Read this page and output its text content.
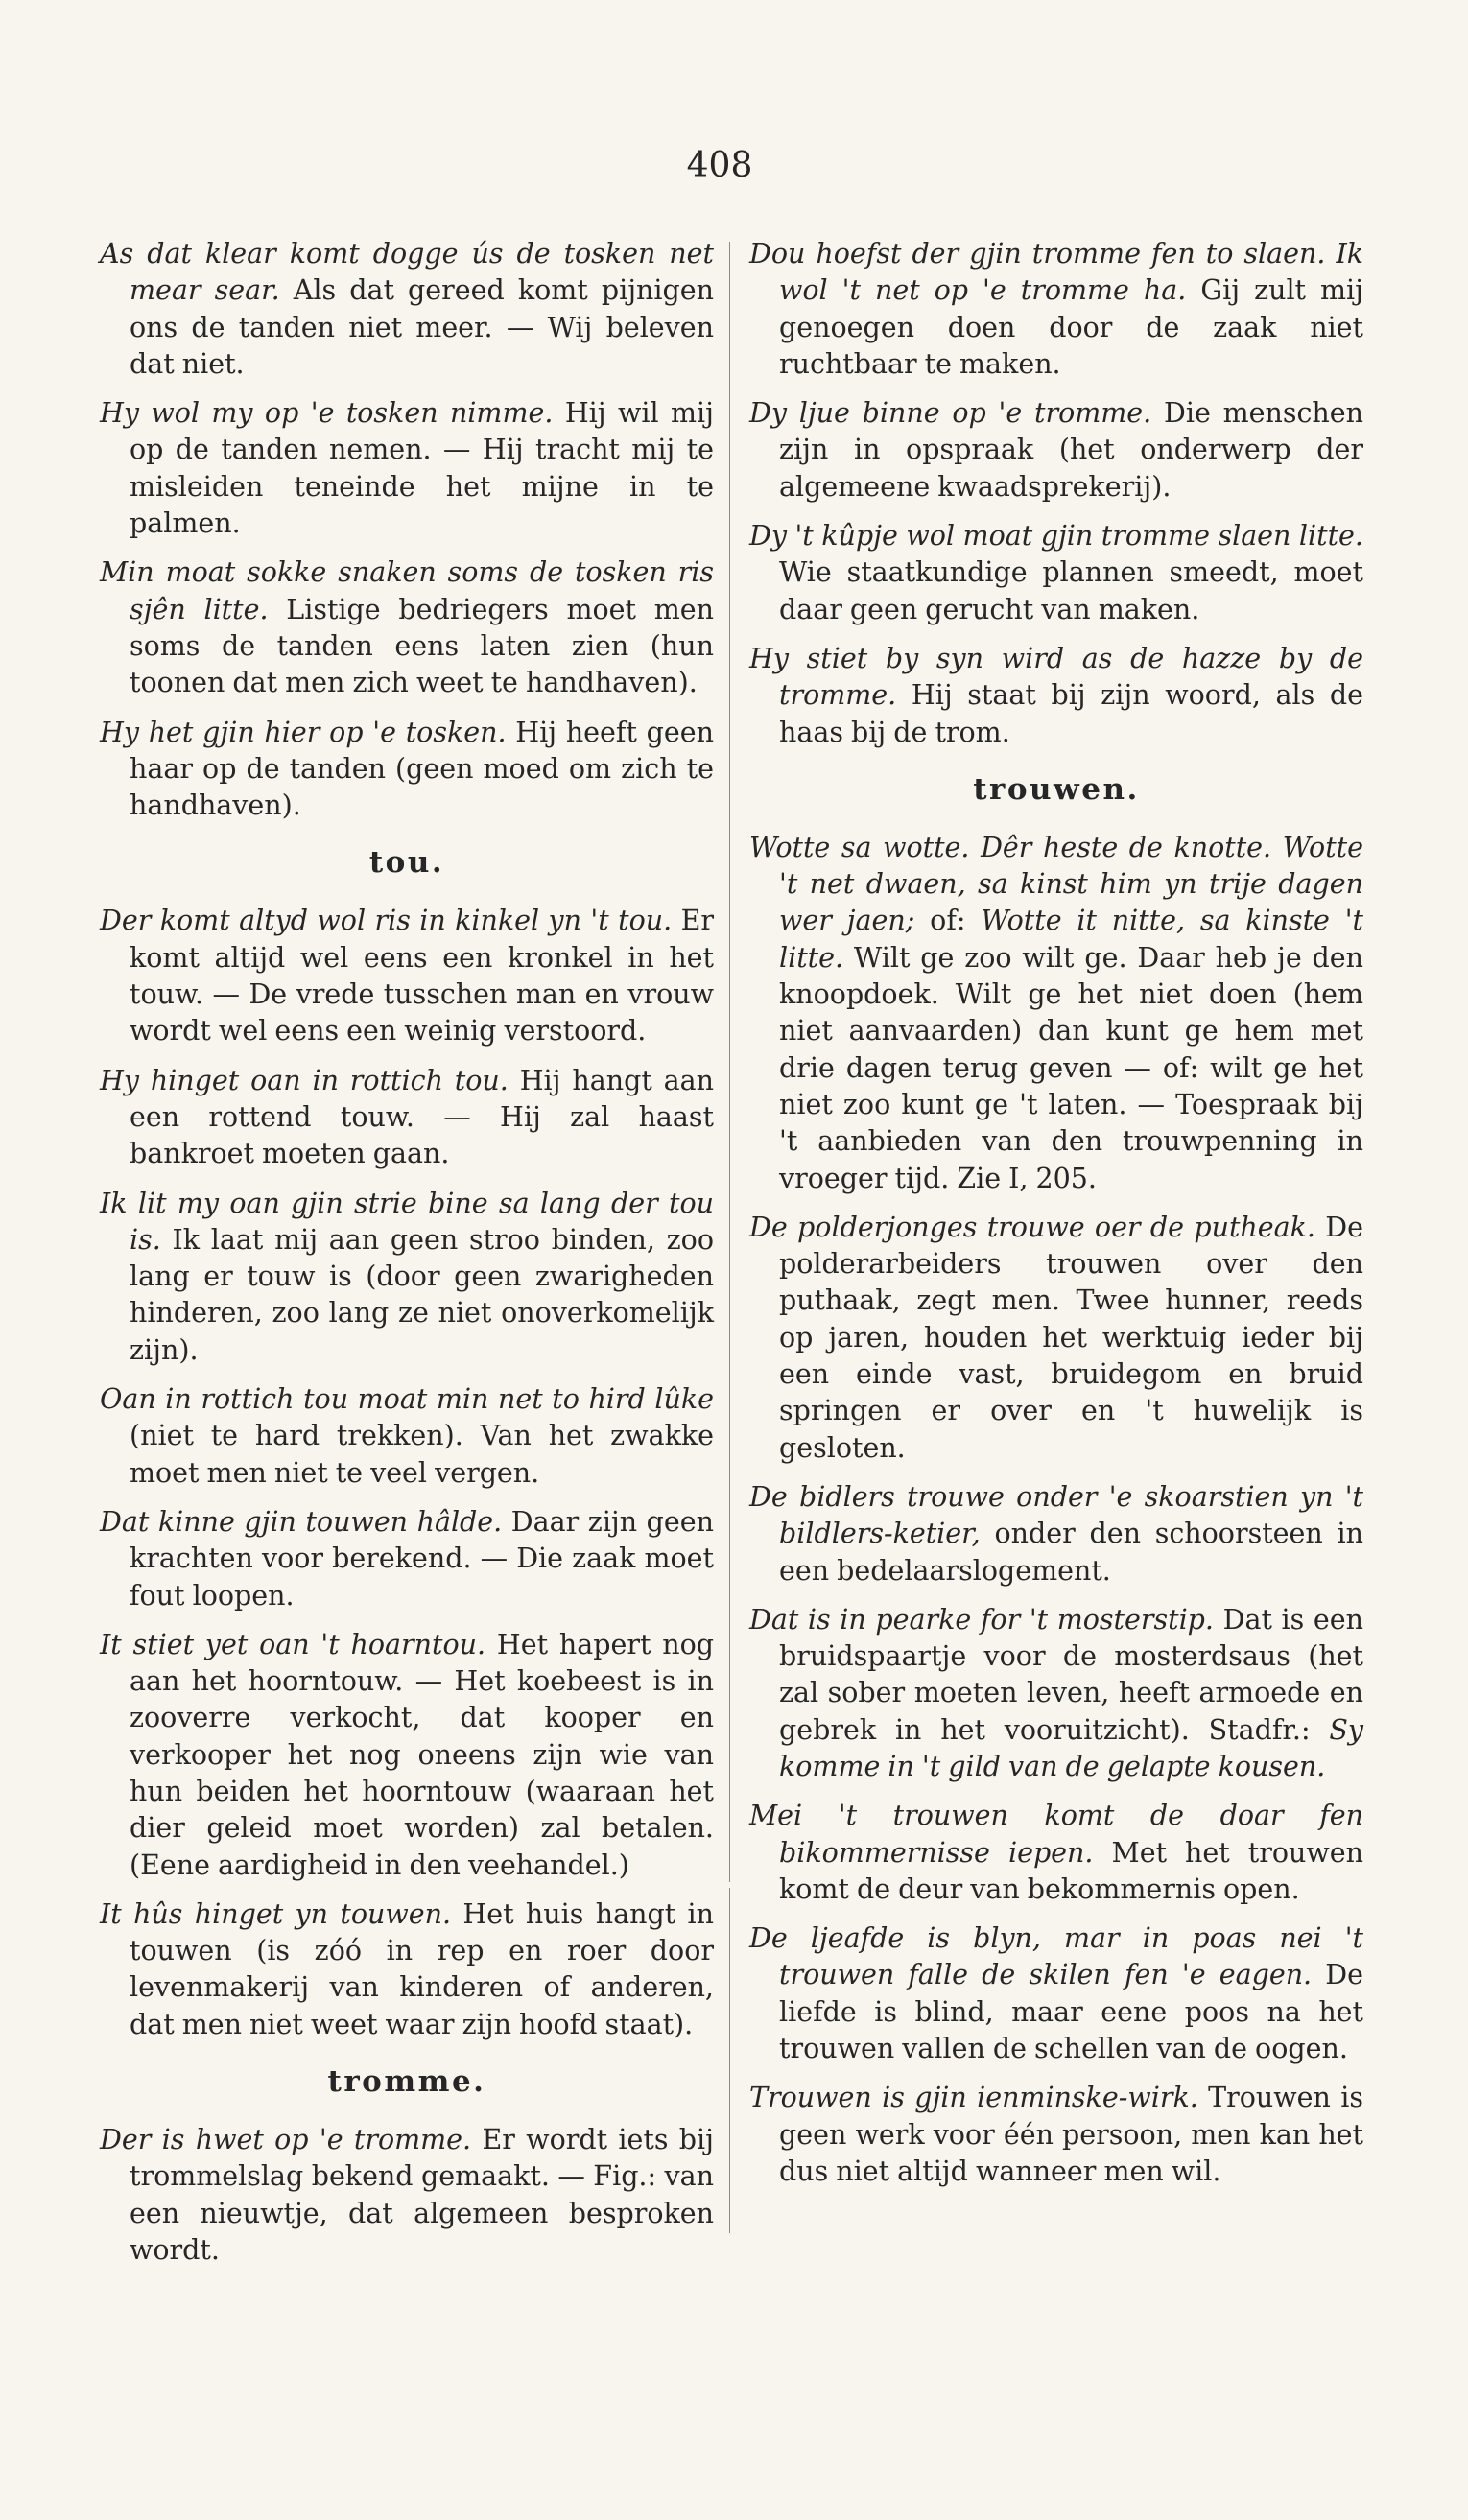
408

As dat klear komt dogge ús de tosken net mear sear. Als dat gereed komt pijnigen ons de tanden niet meer. — Wij beleven dat niet.

Hy wol my op 'e tosken nimme. Hij wil mij op de tanden nemen. — Hij tracht mij te misleiden teneinde het mijne in te palmen.

Min moat sokke snaken soms de tosken ris sjên litte. Listige bedriegers moet men soms de tanden eens laten zien (hun toonen dat men zich weet te handhaven).

Hy het gjin hier op 'e tosken. Hij heeft geen haar op de tanden (geen moed om zich te handhaven).

tou.

Der komt altyd wol ris in kinkel yn 't tou. Er komt altijd wel eens een kronkel in het touw. — De vrede tusschen man en vrouw wordt wel eens een weinig verstoord.

Hy hinget oan in rottich tou. Hij hangt aan een rottend touw. — Hij zal haast bankroet moeten gaan.

Ik lit my oan gjin strie bine sa lang der tou is. Ik laat mij aan geen stroo binden, zoo lang er touw is (door geen zwarigheden hinderen, zoo lang ze niet onoverkomelijk zijn).

Oan in rottich tou moat min net to hird lûke (niet te hard trekken). Van het zwakke moet men niet te veel vergen.

Dat kinne gjin touwen hâlde. Daar zijn geen krachten voor berekend. — Die zaak moet fout loopen.

It stiet yet oan 't hoarntou. Het hapert nog aan het hoorntouw. — Het koebeest is in zooverre verkocht, dat kooper en verkooper het nog oneens zijn wie van hun beiden het hoorntouw (waaraan het dier geleid moet worden) zal betalen. (Eene aardigheid in den veehandel.)

It hûs hinget yn touwen. Het huis hangt in touwen (is zóó in rep en roer door levenmakerij van kinderen of anderen, dat men niet weet waar zijn hoofd staat).

tromme.

Der is hwet op 'e tromme. Er wordt iets bij trommelslag bekend gemaakt. — Fig.: van een nieuwtje, dat algemeen besproken wordt.

Dou hoefst der gjin tromme fen to slaen. Ik wol 't net op 'e tromme ha. Gij zult mij genoegen doen door de zaak niet ruchtbaar te maken.

Dy ljue binne op 'e tromme. Die menschen zijn in opspraak (het onderwerp der algemeene kwaadsprekerij).

Dy 't kûpje wol moat gjin tromme slaen litte. Wie staatkundige plannen smeedt, moet daar geen gerucht van maken.

Hy stiet by syn wird as de hazze by de tromme. Hij staat bij zijn woord, als de haas bij de trom.

trouwen.

Wotte sa wotte. Dêr heste de knotte. Wotte 't net dwaen, sa kinst him yn trije dagen wer jaen; of: Wotte it nitte, sa kinste 't litte. Wilt ge zoo wilt ge. Daar heb je den knoopdoek. Wilt ge het niet doen (hem niet aanvaarden) dan kunt ge hem met drie dagen terug geven — of: wilt ge het niet zoo kunt ge 't laten. — Toespraak bij 't aanbieden van den trouwpenning in vroeger tijd. Zie I, 205.

De polderjonges trouwe oer de putheak. De polderarbeiders trouwen over den puthaak, zegt men. Twee hunner, reeds op jaren, houden het werktuig ieder bij een einde vast, bruidegom en bruid springen er over en 't huwelijk is gesloten.

De bidlers trouwe onder 'e skoarstien yn 't bildlers-ketier, onder den schoorsteen in een bedelaarslogement.

Dat is in pearke for 't mosterstip. Dat is een bruidspaartje voor de mosterdsaus (het zal sober moeten leven, heeft armoede en gebrek in het vooruitzicht). Stadfr.: Sy komme in 't gild van de gelapte kousen.

Mei 't trouwen komt de doar fen bikommernisse iepen. Met het trouwen komt de deur van bekommernis open.

De ljeafde is blyn, mar in poas nei 't trouwen falle de skilen fen 'e eagen. De liefde is blind, maar eene poos na het trouwen vallen de schellen van de oogen.

Trouwen is gjin ienminske-wirk. Trouwen is geen werk voor één persoon, men kan het dus niet altijd wanneer men wil.
